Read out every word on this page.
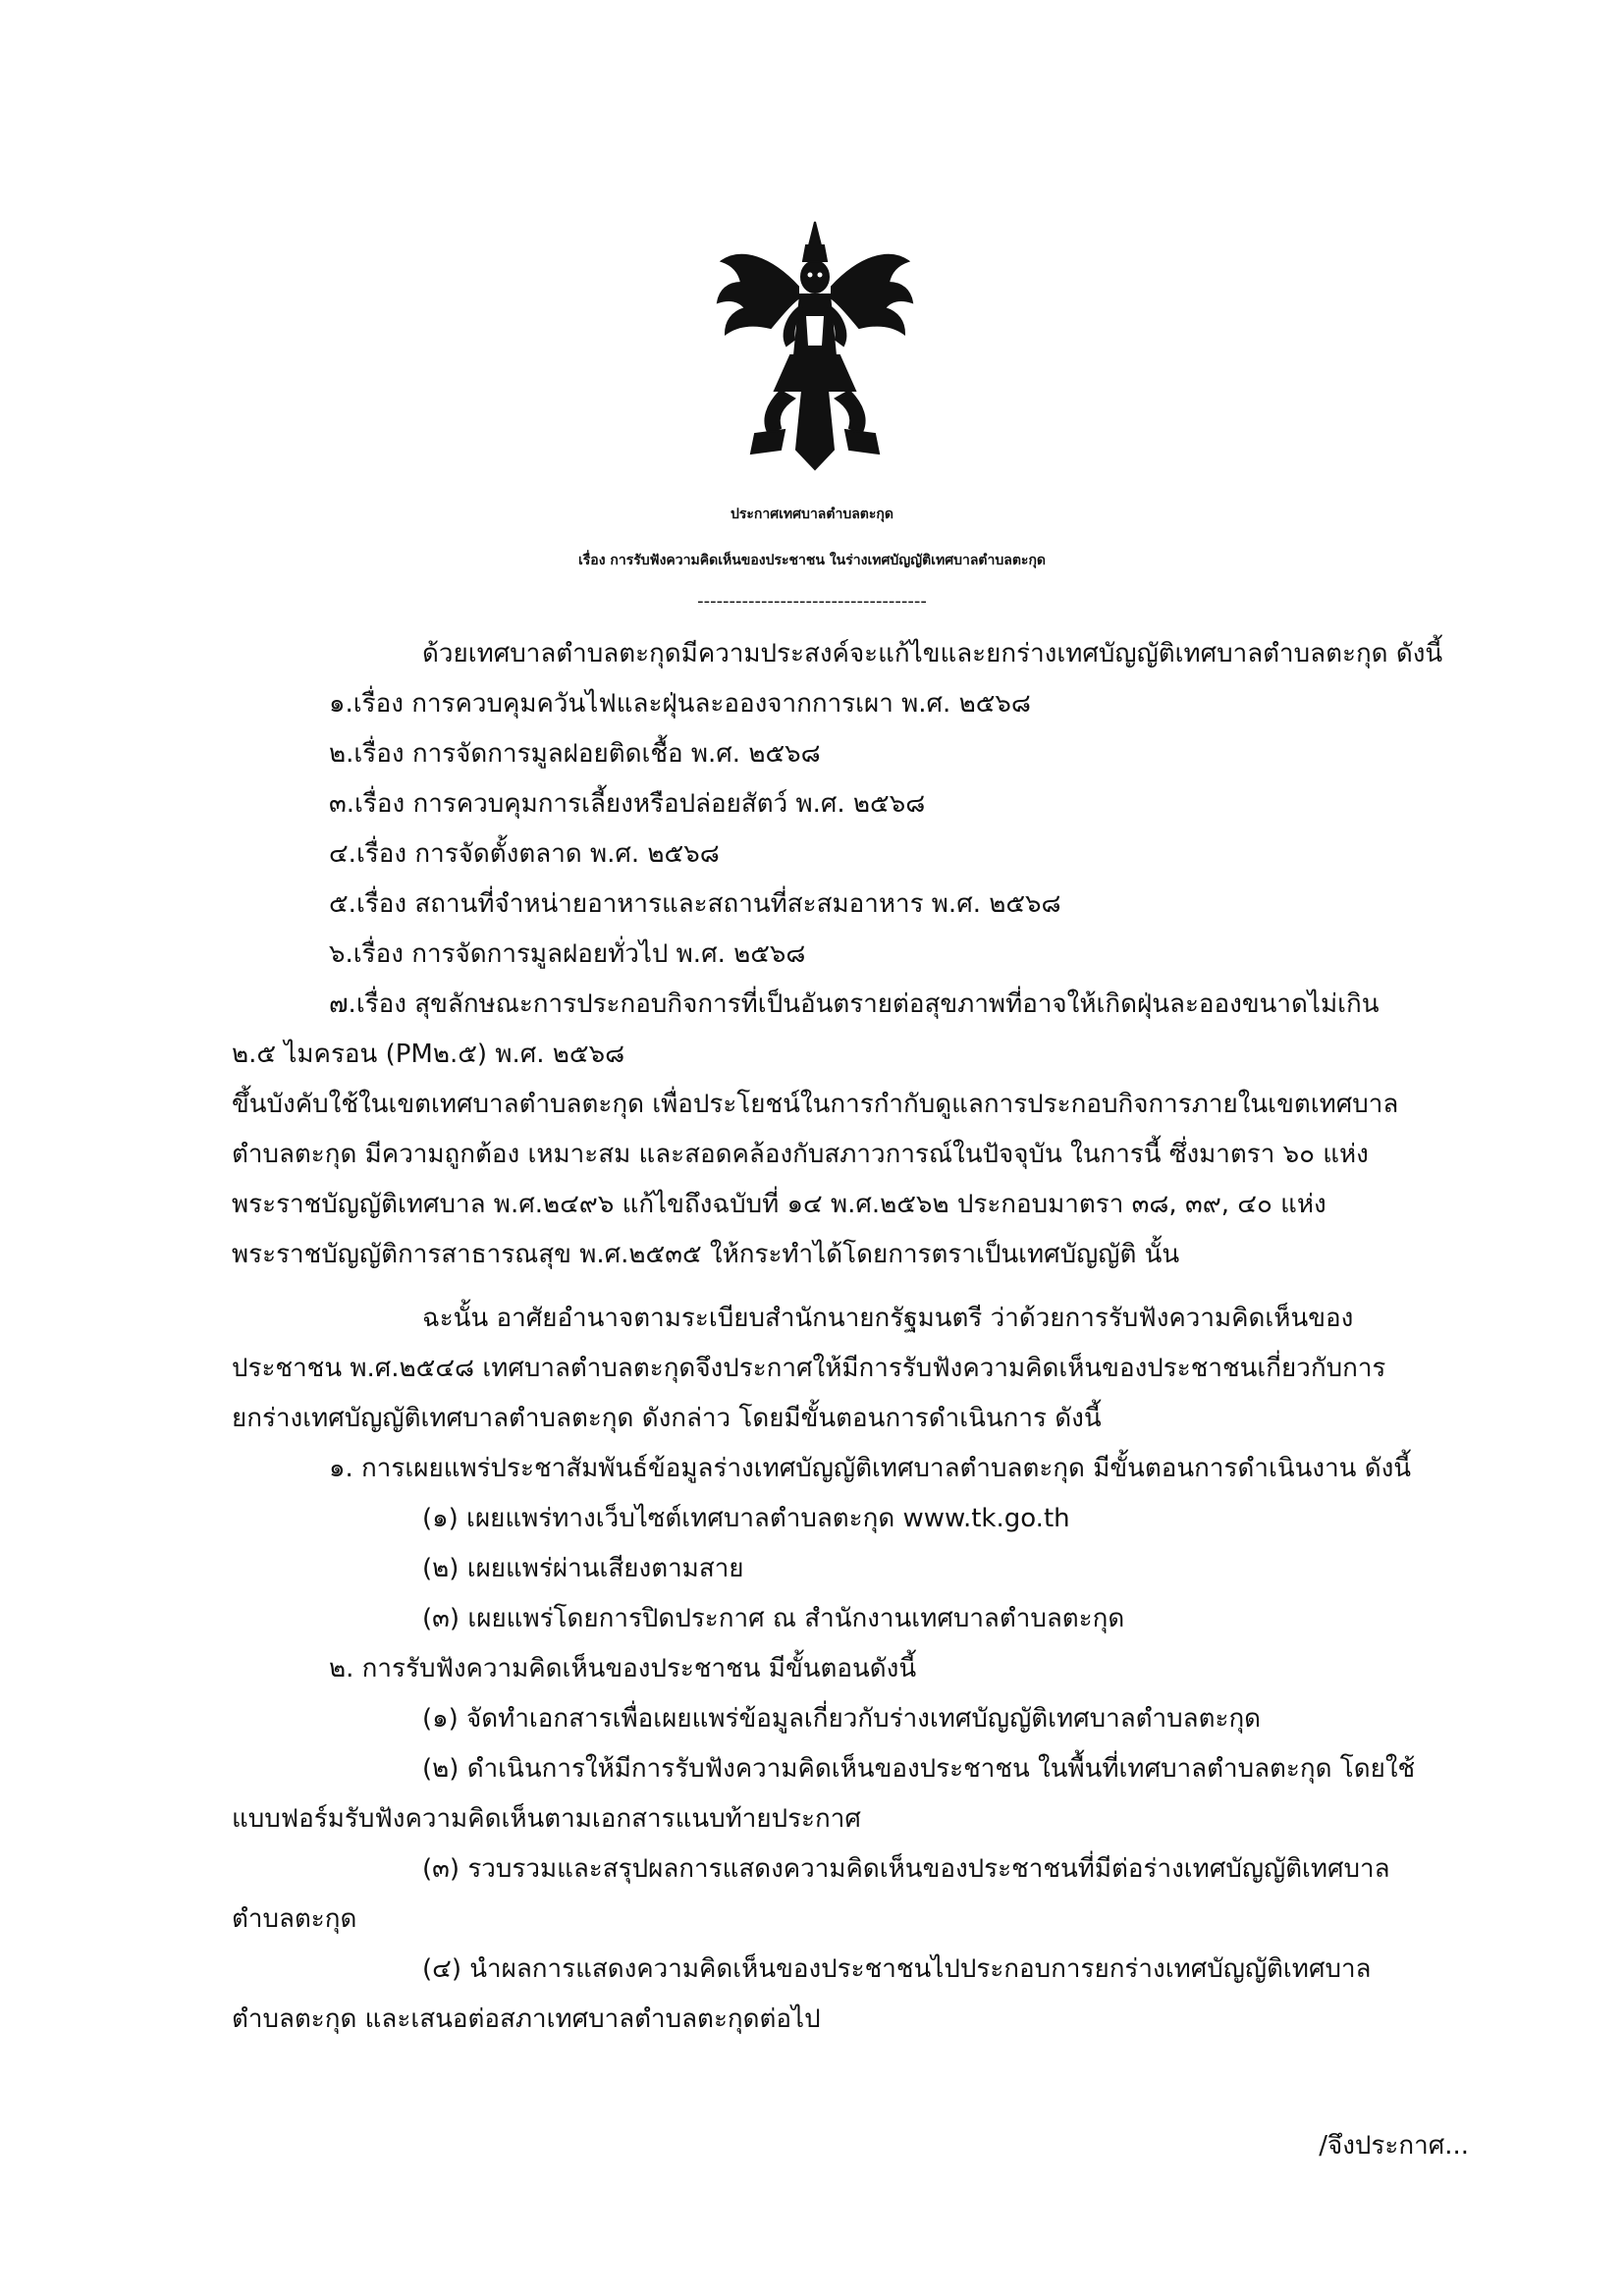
ประกาศเทศบาลตำบลตะกุด
เรื่อง การรับฟังความคิดเห็นของประชาชน ในร่างเทศบัญญัติเทศบาลตำบลตะกุด
------------------------------------
ด้วยเทศบาลตำบลตะกุดมีความประสงค์จะแก้ไขและยกร่างเทศบัญญัติเทศบาลตำบลตะกุด ดังนี้
๑.เรื่อง การควบคุมควันไฟและฝุ่นละอองจากการเผา พ.ศ. ๒๕๖๘
๒.เรื่อง การจัดการมูลฝอยติดเชื้อ พ.ศ. ๒๕๖๘
๓.เรื่อง การควบคุมการเลี้ยงหรือปล่อยสัตว์ พ.ศ. ๒๕๖๘
๔.เรื่อง การจัดตั้งตลาด พ.ศ. ๒๕๖๘
๕.เรื่อง สถานที่จำหน่ายอาหารและสถานที่สะสมอาหาร พ.ศ. ๒๕๖๘
๖.เรื่อง การจัดการมูลฝอยทั่วไป พ.ศ. ๒๕๖๘
๗.เรื่อง สุขลักษณะการประกอบกิจการที่เป็นอันตรายต่อสุขภาพที่อาจให้เกิดฝุ่นละอองขนาดไม่เกิน
๒.๕ ไมครอน (PM๒.๕) พ.ศ. ๒๕๖๘
ขึ้นบังคับใช้ในเขตเทศบาลตำบลตะกุด เพื่อประโยชน์ในการกำกับดูแลการประกอบกิจการภายในเขตเทศบาล
ตำบลตะกุด มีความถูกต้อง เหมาะสม และสอดคล้องกับสภาวการณ์ในปัจจุบัน ในการนี้ ซึ่งมาตรา ๖๐ แห่ง
พระราชบัญญัติเทศบาล พ.ศ.๒๔๙๖ แก้ไขถึงฉบับที่ ๑๔ พ.ศ.๒๕๖๒ ประกอบมาตรา ๓๘, ๓๙, ๔๐ แห่ง
พระราชบัญญัติการสาธารณสุข พ.ศ.๒๕๓๕ ให้กระทำได้โดยการตราเป็นเทศบัญญัติ นั้น
ฉะนั้น อาศัยอำนาจตามระเบียบสำนักนายกรัฐมนตรี ว่าด้วยการรับฟังความคิดเห็นของ
ประชาชน พ.ศ.๒๕๔๘ เทศบาลตำบลตะกุดจึงประกาศให้มีการรับฟังความคิดเห็นของประชาชนเกี่ยวกับการ
ยกร่างเทศบัญญัติเทศบาลตำบลตะกุด ดังกล่าว โดยมีขั้นตอนการดำเนินการ ดังนี้
๑. การเผยแพร่ประชาสัมพันธ์ข้อมูลร่างเทศบัญญัติเทศบาลตำบลตะกุด มีขั้นตอนการดำเนินงาน ดังนี้
(๑) เผยแพร่ทางเว็บไซต์เทศบาลตำบลตะกุด www.tk.go.th
(๒) เผยแพร่ผ่านเสียงตามสาย
(๓) เผยแพร่โดยการปิดประกาศ ณ สำนักงานเทศบาลตำบลตะกุด
๒. การรับฟังความคิดเห็นของประชาชน มีขั้นตอนดังนี้
(๑) จัดทำเอกสารเพื่อเผยแพร่ข้อมูลเกี่ยวกับร่างเทศบัญญัติเทศบาลตำบลตะกุด
(๒) ดำเนินการให้มีการรับฟังความคิดเห็นของประชาชน ในพื้นที่เทศบาลตำบลตะกุด โดยใช้
แบบฟอร์มรับฟังความคิดเห็นตามเอกสารแนบท้ายประกาศ
(๓) รวบรวมและสรุปผลการแสดงความคิดเห็นของประชาชนที่มีต่อร่างเทศบัญญัติเทศบาล
ตำบลตะกุด
(๔) นำผลการแสดงความคิดเห็นของประชาชนไปประกอบการยกร่างเทศบัญญัติเทศบาล
ตำบลตะกุด และเสนอต่อสภาเทศบาลตำบลตะกุดต่อไป
/จึงประกาศ...
